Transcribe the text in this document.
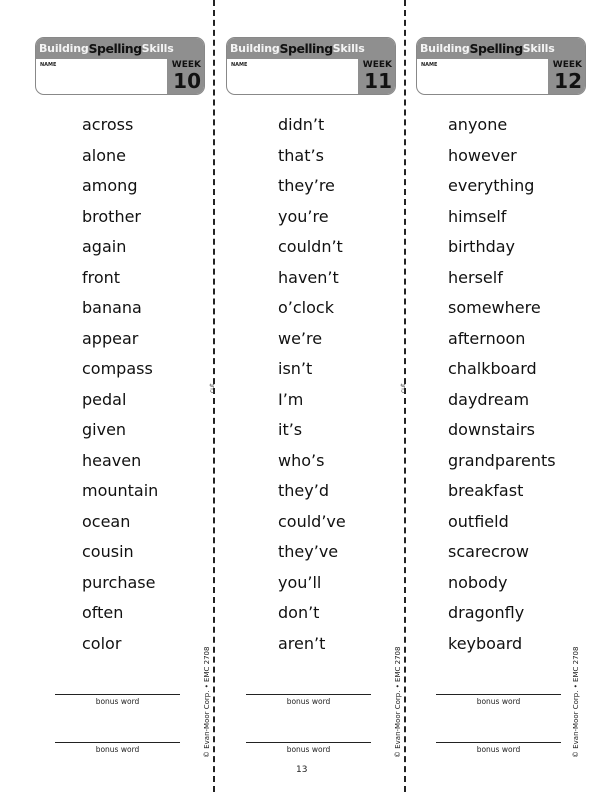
cut	cut
Building Spelling Skills
NAME	WEEK
10
across
alone
among
brother
again
front
banana
appear
compass
pedal
given
heaven
mountain
ocean
cousin
purchase
often
color
bonus word
bonus word	© Evan-Moor Corp. • EMC 2708
Building Spelling Skills
NAME	WEEK
11
didn’t
that’s
they’re
you’re
couldn’t
haven’t
o’clock
we’re
isn’t
I’m
it’s
who’s
they’d
could’ve
they’ve
you’ll
don’t
aren’t
bonus word
bonus word	© Evan-Moor Corp. • EMC 2708
Building Spelling Skills
NAME	WEEK
12
anyone
however
everything
himself
birthday
herself
somewhere
afternoon
chalkboard
daydream
downstairs
grandparents
breakfast
outfield
scarecrow
nobody
dragonfly
keyboard
bonus word
bonus word	© Evan-Moor Corp. • EMC 2708
13
